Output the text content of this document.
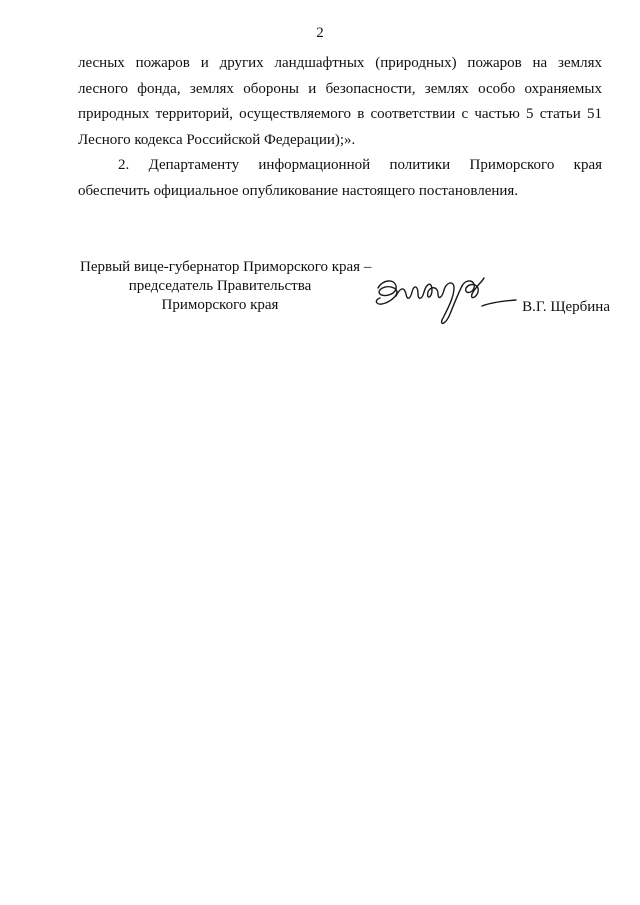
2

лесных пожаров и других ландшафтных (природных) пожаров на землях

лесного фонда, землях обороны и безопасности, землях особо охраняемых

природных территорий, осуществляемого в соответствии с частью 5 статьи 51

Лесного кодекса Российской Федерации);».

2. Департаменту информационной политики Приморского края

обеспечить официальное опубликование настоящего постановления.

Первый вице-губернатор Приморского края –
председатель Правительства
Приморского края	В.Г. Щербина
